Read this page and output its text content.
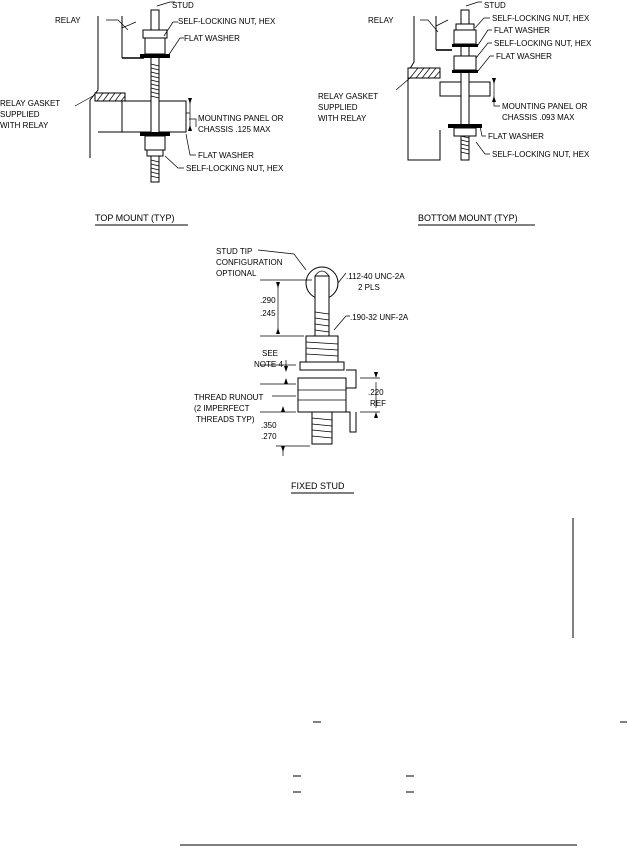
STUD
RELAY	SELF-LOCKING NUT, HEX
FLAT WASHER
RELAY GASKET
SUPPLIED
WITH RELAY
MOUNTING PANEL OR
CHASSIS .125 MAX
FLAT WASHER
SELF-LOCKING NUT, HEX
TOP MOUNT (TYP)
STUD
RELAY	SELF-LOCKING NUT, HEX
FLAT WASHER
SELF-LOCKING NUT, HEX
FLAT WASHER
RELAY GASKET
SUPPLIED
WITH RELAY
MOUNTING PANEL OR
CHASSIS .093 MAX
FLAT WASHER
SELF-LOCKING NUT, HEX
BOTTOM MOUNT (TYP)
STUD TIP
CONFIGURATION
OPTIONAL	.112-40 UNC-2A
2 PLS
.290
.245	.190-32 UNF-2A
SEE
NOTE 4
THREAD RUNOUT
(2 IMPERFECT
THREADS TYP)
.220
REF
.350
.270
FIXED STUD
